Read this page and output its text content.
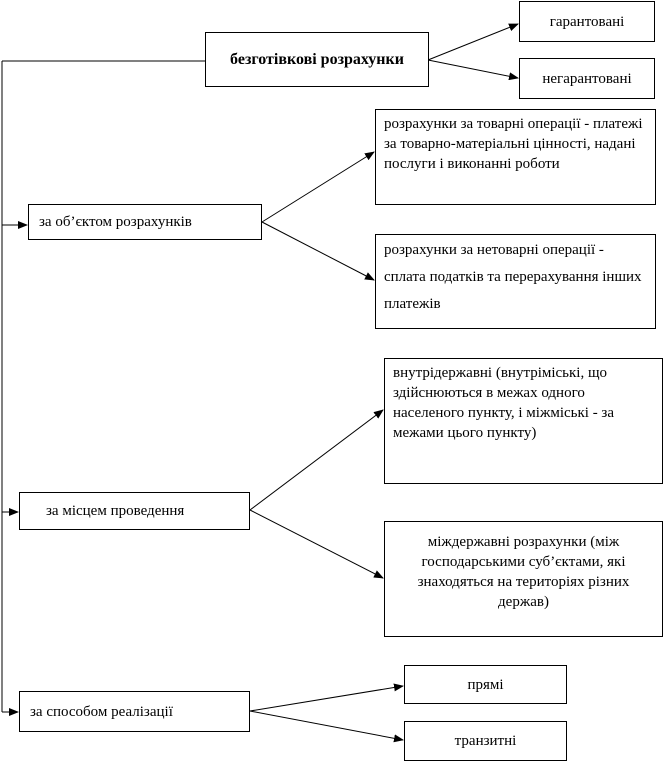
безготівкові розрахунки
гарантовані
негарантовані
за об’єктом розрахунків
розрахунки за товарні операції - платежі за товарно-матеріальні цінності, надані послуги і виконанні роботи
розрахунки за нетоварні операції - сплата податків та перерахування інших платежів
за місцем проведення
внутрідержавні (внутріміські, що здійснюються в межах одного населеного пункту, і міжміські - за межами цього пункту)
міждержавні розрахунки (між господарськими суб’єктами, які знаходяться на територіях різних держав)
за способом реалізації
прямі
транзитні
